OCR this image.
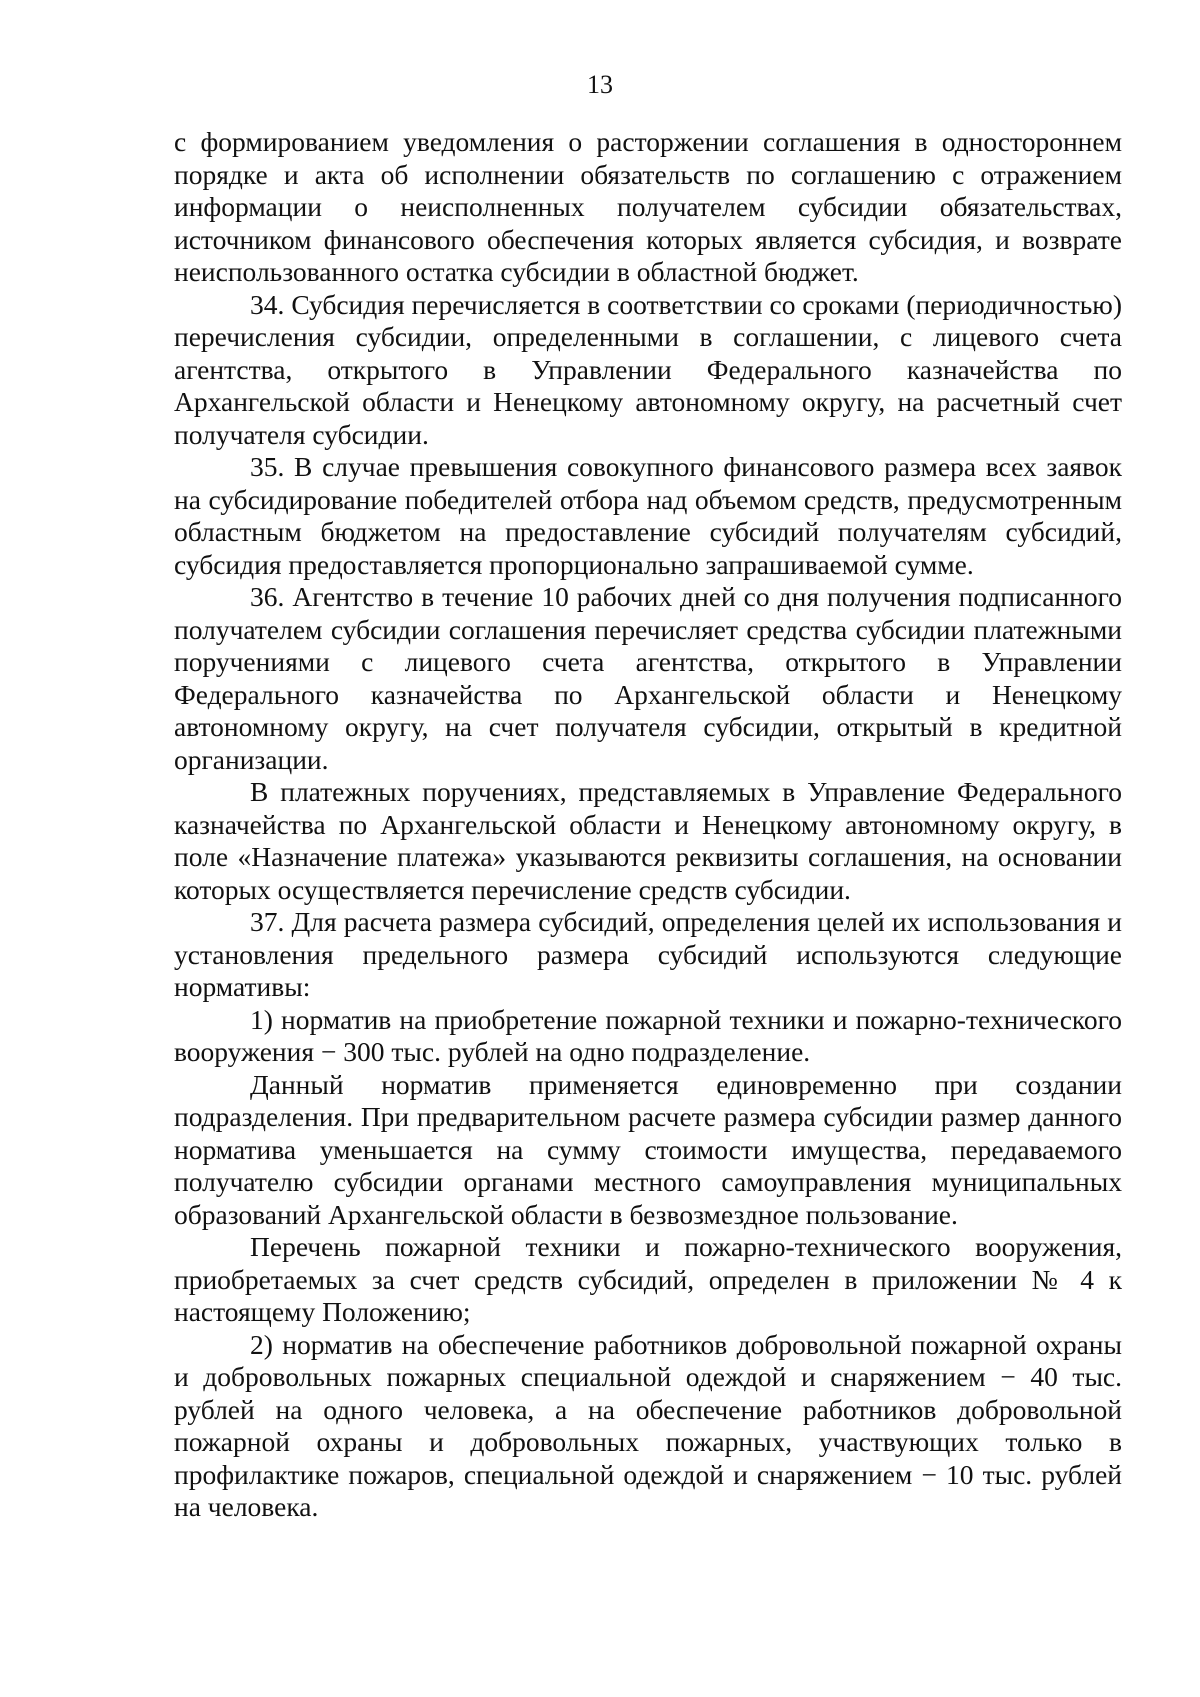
13

с формированием уведомления о расторжении соглашения в одностороннем порядке и акта об исполнении обязательств по соглашению с отражением информации о неисполненных получателем субсидии обязательствах, источником финансового обеспечения которых является субсидия, и возврате неиспользованного остатка субсидии в областной бюджет.

34. Субсидия перечисляется в соответствии со сроками (периодичностью) перечисления субсидии, определенными в соглашении, с лицевого счета агентства, открытого в Управлении Федерального казначейства по Архангельской области и Ненецкому автономному округу, на расчетный счет получателя субсидии.

35. В случае превышения совокупного финансового размера всех заявок на субсидирование победителей отбора над объемом средств, предусмотренным областным бюджетом на предоставление субсидий получателям субсидий, субсидия предоставляется пропорционально запрашиваемой сумме.

36. Агентство в течение 10 рабочих дней со дня получения подписанного получателем субсидии соглашения перечисляет средства субсидии платежными поручениями с лицевого счета агентства, открытого в Управлении Федерального казначейства по Архангельской области и Ненецкому автономному округу, на счет получателя субсидии, открытый в кредитной организации.

В платежных поручениях, представляемых в Управление Федерального казначейства по Архангельской области и Ненецкому автономному округу, в поле «Назначение платежа» указываются реквизиты соглашения, на основании которых осуществляется перечисление средств субсидии.

37. Для расчета размера субсидий, определения целей их использования и установления предельного размера субсидий используются следующие нормативы:

1) норматив на приобретение пожарной техники и пожарно-технического вооружения − 300 тыс. рублей на одно подразделение.

Данный норматив применяется единовременно при создании подразделения. При предварительном расчете размера субсидии размер данного норматива уменьшается на сумму стоимости имущества, передаваемого получателю субсидии органами местного самоуправления муниципальных образований Архангельской области в безвозмездное пользование.

Перечень пожарной техники и пожарно-технического вооружения, приобретаемых за счет средств субсидий, определен в приложении № 4 к настоящему Положению;

2) норматив на обеспечение работников добровольной пожарной охраны и добровольных пожарных специальной одеждой и снаряжением − 40 тыс. рублей на одного человека, а на обеспечение работников добровольной пожарной охраны и добровольных пожарных, участвующих только в профилактике пожаров, специальной одеждой и снаряжением − 10 тыс. рублей на человека.
